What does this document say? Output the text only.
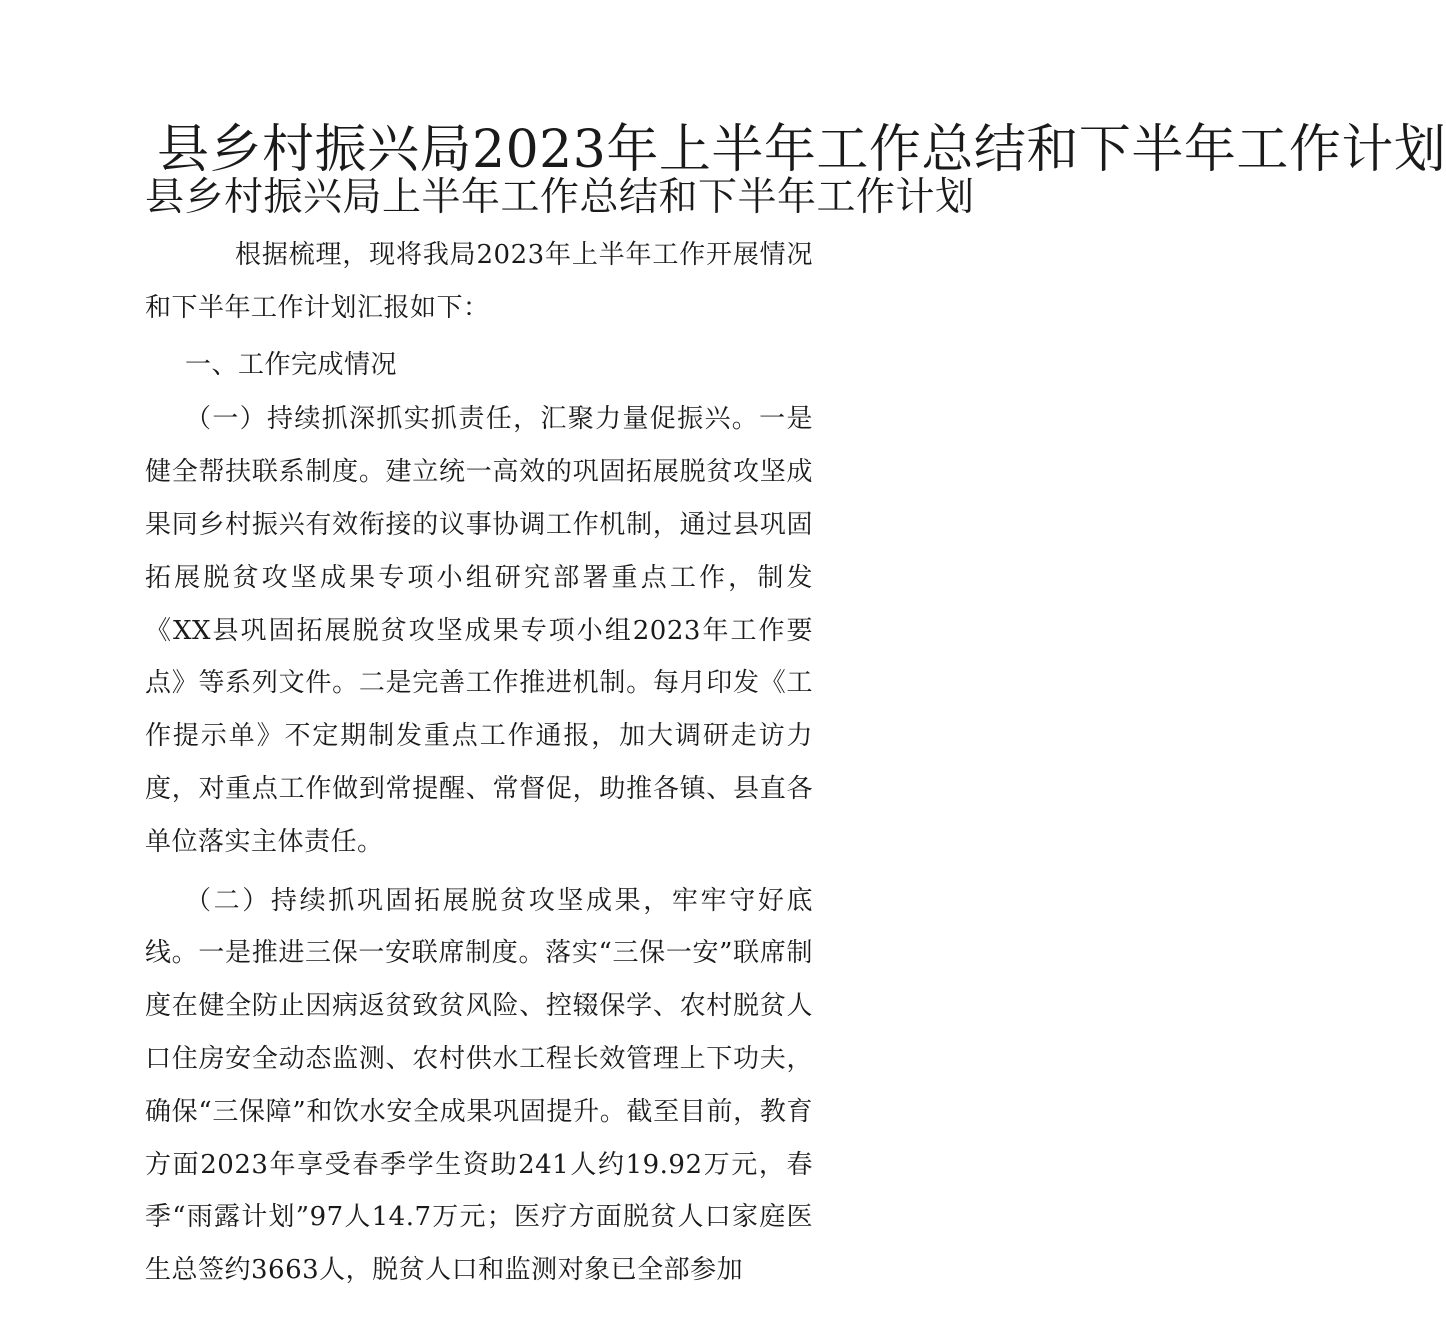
县乡村振兴局2023年上半年工作总结和下半年工作计划
县乡村振兴局上半年工作总结和下半年工作计划

根据梳理，现将我局2023年上半年工作开展情况和下半年工作计划汇报如下：

一、工作完成情况

（一）持续抓深抓实抓责任，汇聚力量促振兴。一是健全帮扶联系制度。建立统一高效的巩固拓展脱贫攻坚成果同乡村振兴有效衔接的议事协调工作机制，通过县巩固拓展脱贫攻坚成果专项小组研究部署重点工作，制发《XX县巩固拓展脱贫攻坚成果专项小组2023年工作要点》等系列文件。二是完善工作推进机制。每月印发《工作提示单》不定期制发重点工作通报，加大调研走访力度，对重点工作做到常提醒、常督促，助推各镇、县直各单位落实主体责任。

（二）持续抓巩固拓展脱贫攻坚成果，牢牢守好底线。一是推进三保一安联席制度。落实“三保一安”联席制度在健全防止因病返贫致贫风险、控辍保学、农村脱贫人口住房安全动态监测、农村供水工程长效管理上下功夫，确保“三保障”和饮水安全成果巩固提升。截至目前，教育方面2023年享受春季学生资助241人约19.92万元，春季“雨露计划”97人14.7万元；医疗方面脱贫人口家庭医生总签约3663人，脱贫人口和监测对象已全部参加
